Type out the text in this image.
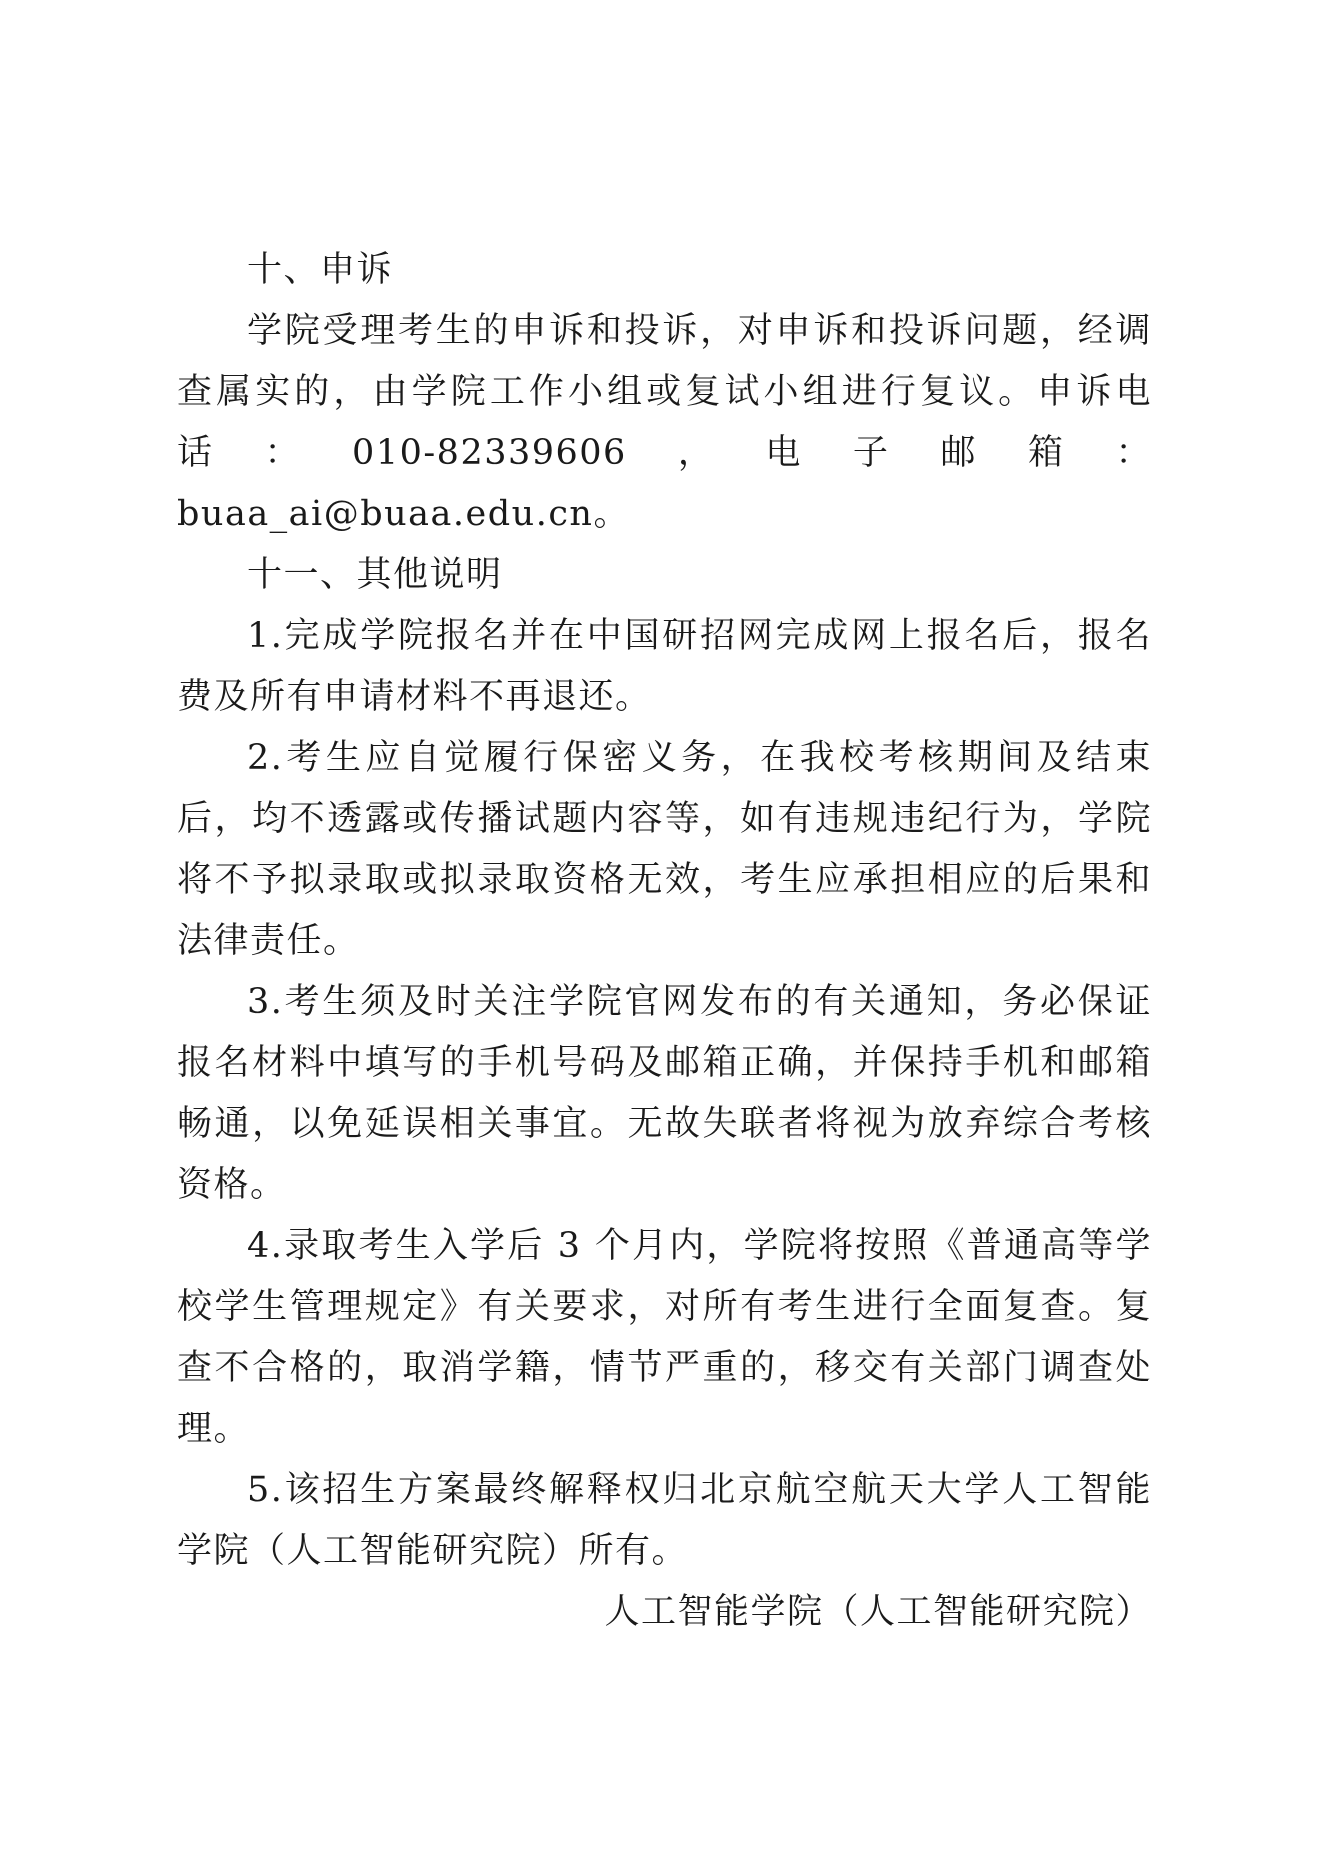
十、申诉

学院受理考生的申诉和投诉，对申诉和投诉问题，经调查属实的，由学院工作小组或复试小组进行复议。申诉电话：010-82339606，电子邮箱：buaa_ai@buaa.edu.cn。

十一、其他说明

1.完成学院报名并在中国研招网完成网上报名后，报名费及所有申请材料不再退还。

2.考生应自觉履行保密义务，在我校考核期间及结束后，均不透露或传播试题内容等，如有违规违纪行为，学院将不予拟录取或拟录取资格无效，考生应承担相应的后果和法律责任。

3.考生须及时关注学院官网发布的有关通知，务必保证报名材料中填写的手机号码及邮箱正确，并保持手机和邮箱畅通，以免延误相关事宜。无故失联者将视为放弃综合考核资格。

4.录取考生入学后 3 个月内，学院将按照《普通高等学校学生管理规定》有关要求，对所有考生进行全面复查。复查不合格的，取消学籍，情节严重的，移交有关部门调查处理。

5.该招生方案最终解释权归北京航空航天大学人工智能学院（人工智能研究院）所有。

人工智能学院（人工智能研究院）
